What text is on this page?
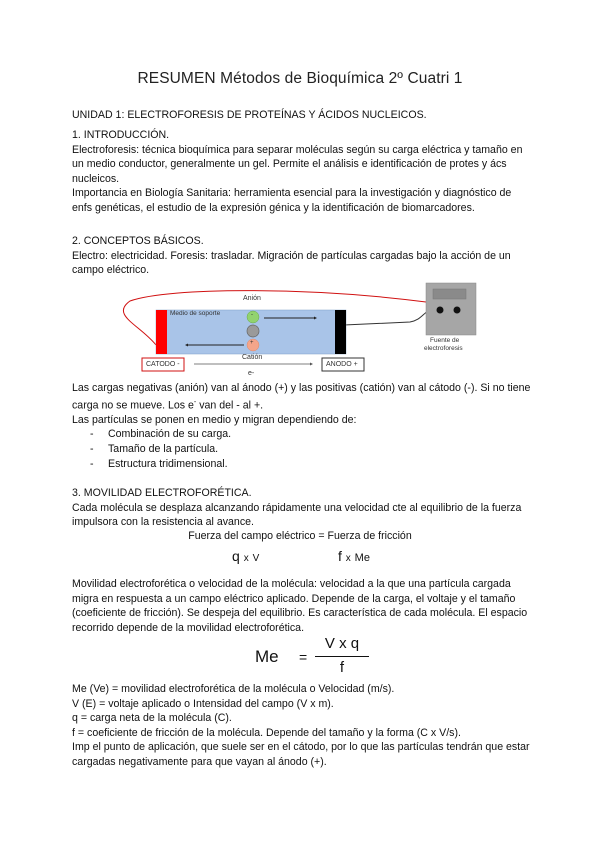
RESUMEN Métodos de Bioquímica 2º Cuatri 1
UNIDAD 1: ELECTROFORESIS DE PROTEÍNAS Y ÁCIDOS NUCLEICOS.

1. INTRODUCCIÓN.

Electroforesis: técnica bioquímica para separar moléculas según su carga eléctrica y tamaño en un medio conductor, generalmente un gel. Permite el análisis e identificación de protes y ács nucleicos.

Importancia en Biología Sanitaria: herramienta esencial para la investigación y diagnóstico de enfs genéticas, el estudio de la expresión génica y la identificación de biomarcadores.

2. CONCEPTOS BÁSICOS.

Electro: electricidad. Foresis: trasladar. Migración de partículas cargadas bajo la acción de un campo eléctrico.

Anión
Medio de soporte	-
+
Catión
e-
CATODO -	ANODO +
Fuente de
electroforesis

Las cargas negativas (anión) van al ánodo (+) y las positivas (catión) van al cátodo (-). Si no tiene carga no se mueve. Los e- van del - al +.

Las partículas se ponen en medio y migran dependiendo de:

- Combinación de su carga.
- Tamaño de la partícula.
- Estructura tridimensional.

3. MOVILIDAD ELECTROFORÉTICA.

Cada molécula se desplaza alcanzando rápidamente una velocidad cte al equilibrio de la fuerza impulsora con la resistencia al avance.

Fuerza del campo eléctrico = Fuerza de fricción
q x V	f x Me

Movilidad electroforética o velocidad de la molécula: velocidad a la que una partícula cargada migra en respuesta a un campo eléctrico aplicado. Depende de la carga, el voltaje y el tamaño (coeficiente de fricción). Se despeja del equilibrio. Es característica de cada molécula. El espacio recorrido depende de la movilidad electroforética.

Me =
V x q
f

Me (Ve) = movilidad electroforética de la molécula o Velocidad (m/s).

V (E) = voltaje aplicado o Intensidad del campo (V x m).

q = carga neta de la molécula (C).

f = coeficiente de fricción de la molécula. Depende del tamaño y la forma (C x V/s).

Imp el punto de aplicación, que suele ser en el cátodo, por lo que las partículas tendrán que estar cargadas negativamente para que vayan al ánodo (+).
